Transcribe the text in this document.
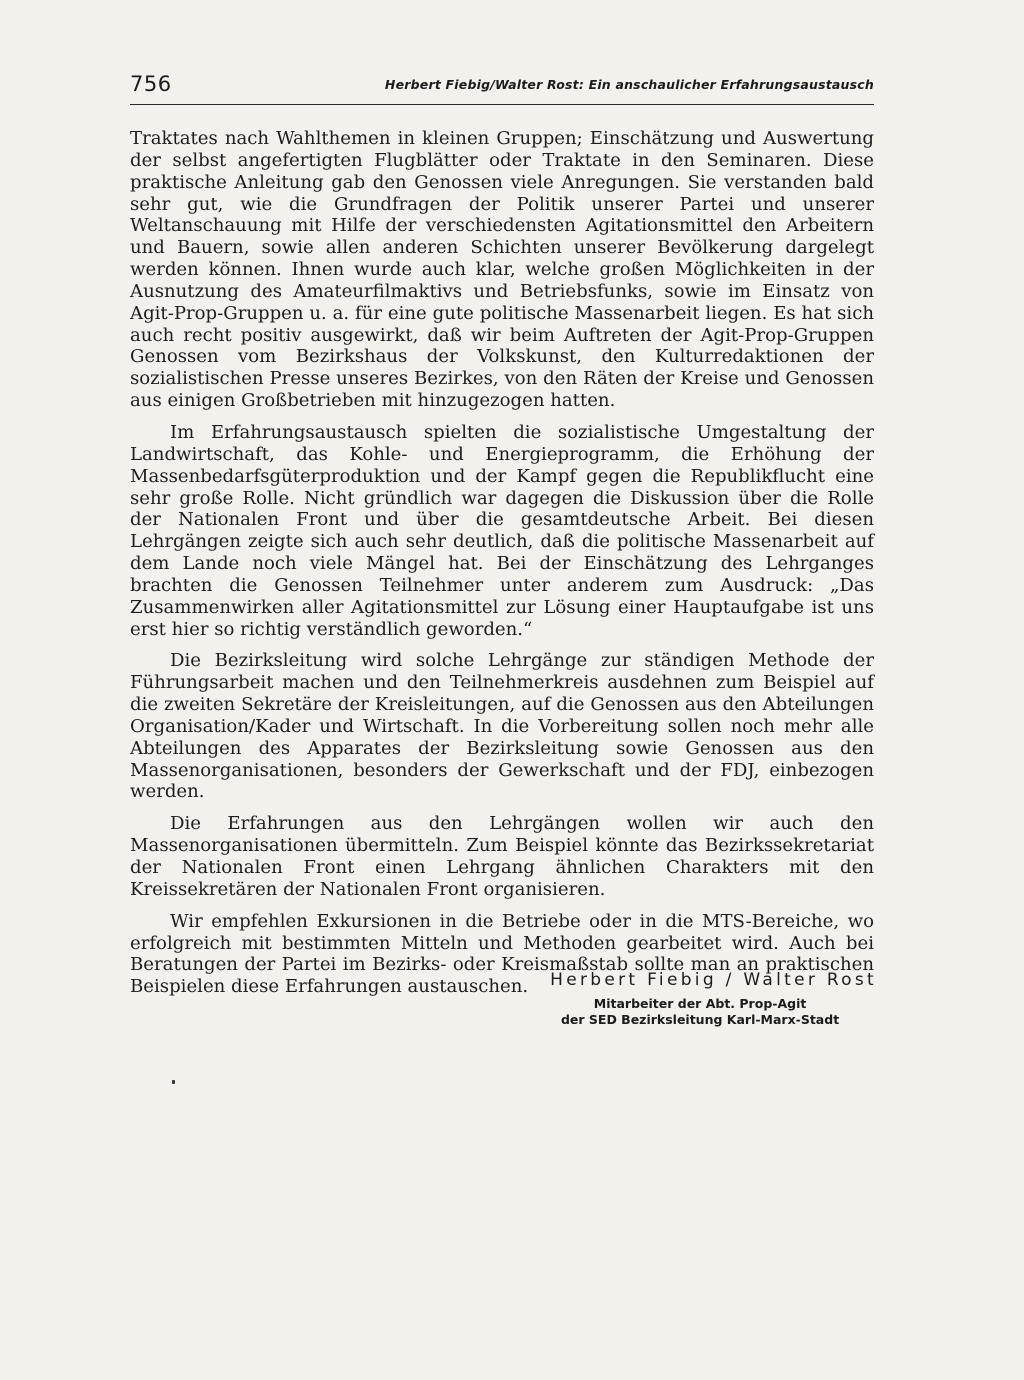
756	Herbert Fiebig/Walter Rost: Ein anschaulicher Erfahrungsaustausch

Traktates nach Wahlthemen in kleinen Gruppen; Einschätzung und Auswertung der selbst angefertigten Flugblätter oder Traktate in den Seminaren. Diese praktische Anleitung gab den Genossen viele Anregungen. Sie verstanden bald sehr gut, wie die Grundfragen der Politik unserer Partei und unserer Weltanschauung mit Hilfe der verschiedensten Agitationsmittel den Arbeitern und Bauern, sowie allen anderen Schichten unserer Bevölkerung dargelegt werden können. Ihnen wurde auch klar, welche großen Möglichkeiten in der Ausnutzung des Amateurfilmaktivs und Betriebsfunks, sowie im Einsatz von Agit-Prop-Gruppen u. a. für eine gute politische Massenarbeit liegen. Es hat sich auch recht positiv ausgewirkt, daß wir beim Auftreten der Agit-Prop-Gruppen Genossen vom Bezirkshaus der Volkskunst, den Kulturredaktionen der sozialistischen Presse unseres Bezirkes, von den Räten der Kreise und Genossen aus einigen Großbetrieben mit hinzugezogen hatten.

Im Erfahrungsaustausch spielten die sozialistische Umgestaltung der Landwirtschaft, das Kohle- und Energieprogramm, die Erhöhung der Massenbedarfsgüterproduktion und der Kampf gegen die Republikflucht eine sehr große Rolle. Nicht gründlich war dagegen die Diskussion über die Rolle der Nationalen Front und über die gesamtdeutsche Arbeit. Bei diesen Lehrgängen zeigte sich auch sehr deutlich, daß die politische Massenarbeit auf dem Lande noch viele Mängel hat. Bei der Einschätzung des Lehrganges brachten die Genossen Teilnehmer unter anderem zum Ausdruck: „Das Zusammenwirken aller Agitationsmittel zur Lösung einer Hauptaufgabe ist uns erst hier so richtig verständlich geworden.“

Die Bezirksleitung wird solche Lehrgänge zur ständigen Methode der Führungsarbeit machen und den Teilnehmerkreis ausdehnen zum Beispiel auf die zweiten Sekretäre der Kreisleitungen, auf die Genossen aus den Abteilungen Organisation/Kader und Wirtschaft. In die Vorbereitung sollen noch mehr alle Abteilungen des Apparates der Bezirksleitung sowie Genossen aus den Massenorganisationen, besonders der Gewerkschaft und der FDJ, einbezogen werden.

Die Erfahrungen aus den Lehrgängen wollen wir auch den Massenorganisationen übermitteln. Zum Beispiel könnte das Bezirkssekretariat der Nationalen Front einen Lehrgang ähnlichen Charakters mit den Kreissekretären der Nationalen Front organisieren.

Wir empfehlen Exkursionen in die Betriebe oder in die MTS-Bereiche, wo erfolgreich mit bestimmten Mitteln und Methoden gearbeitet wird. Auch bei Beratungen der Partei im Bezirks- oder Kreismaßstab sollte man an praktischen Beispielen diese Erfahrungen austauschen.	Herbert Fiebig / Walter Rost
Mitarbeiter der Abt. Prop-Agit
der SED Bezirksleitung Karl-Marx-Stadt
